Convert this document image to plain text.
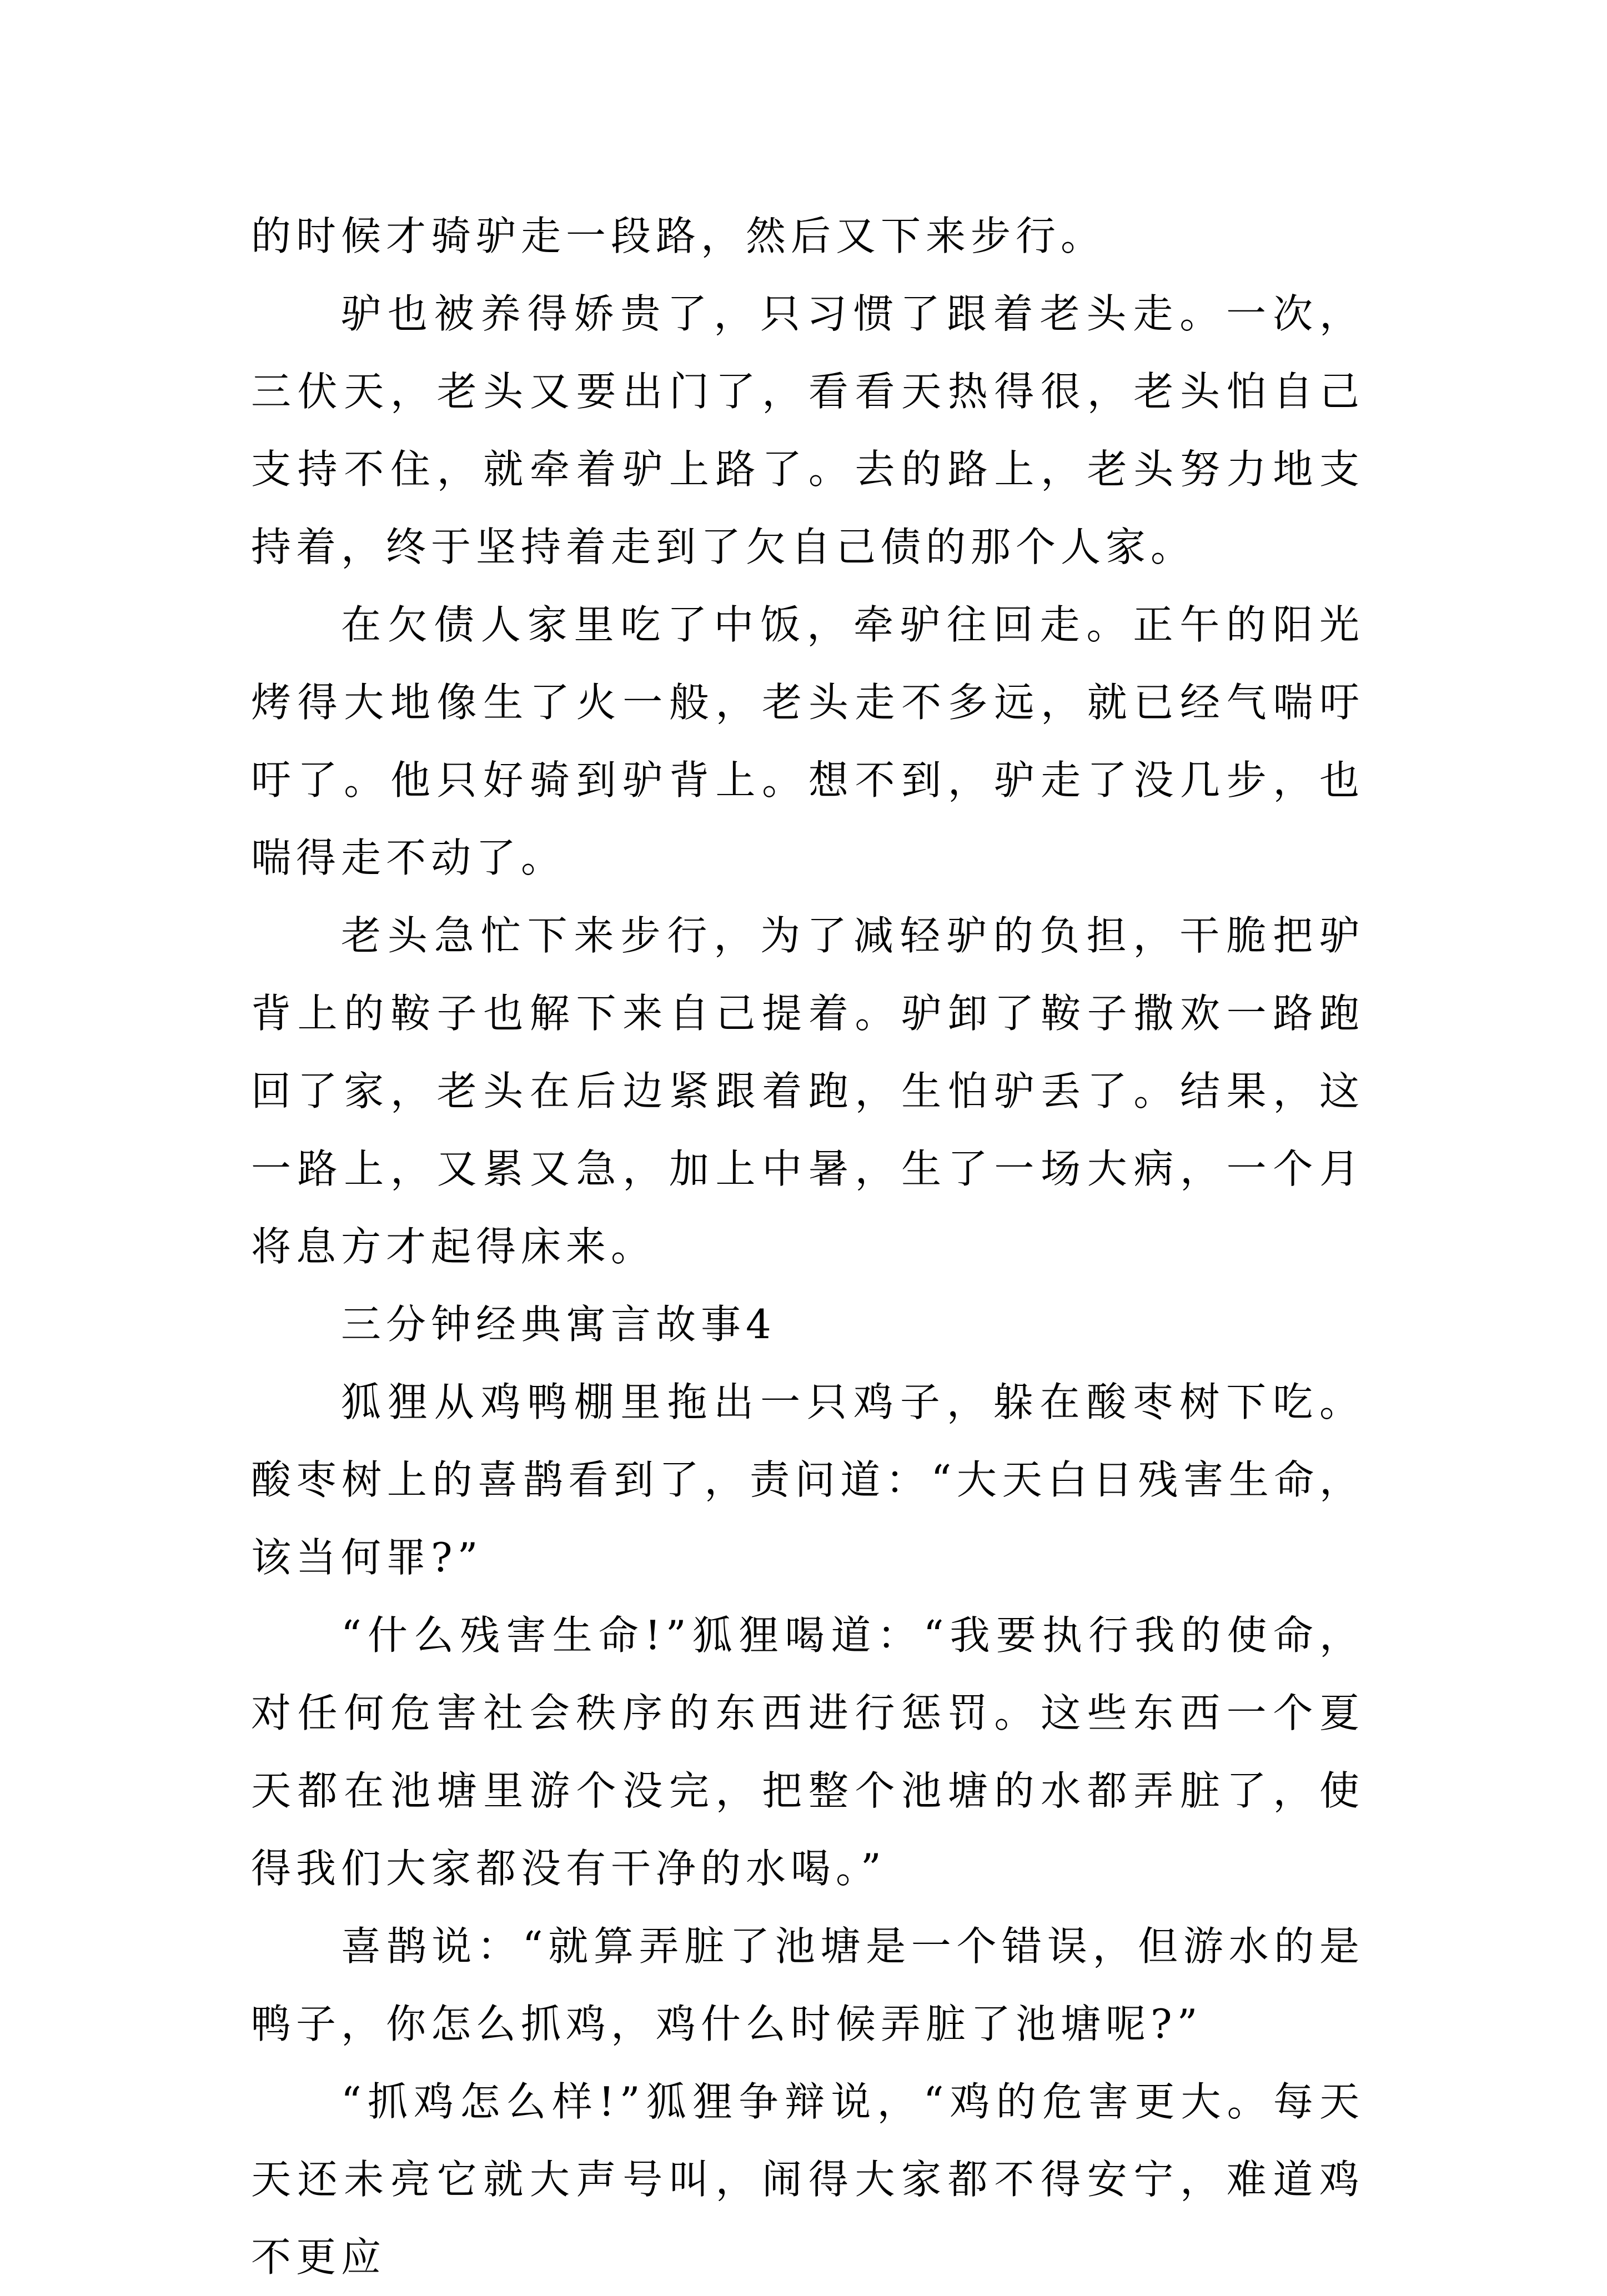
的时候才骑驴走一段路，然后又下来步行。

驴也被养得娇贵了，只习惯了跟着老头走。一次，三伏天，老头又要出门了，看看天热得很，老头怕自己支持不住，就牵着驴上路了。去的路上，老头努力地支持着，终于坚持着走到了欠自己债的那个人家。

在欠债人家里吃了中饭，牵驴往回走。正午的阳光烤得大地像生了火一般，老头走不多远，就已经气喘吁吁了。他只好骑到驴背上。想不到，驴走了没几步，也喘得走不动了。

老头急忙下来步行，为了减轻驴的负担，干脆把驴背上的鞍子也解下来自己提着。驴卸了鞍子撒欢一路跑回了家，老头在后边紧跟着跑，生怕驴丢了。结果，这一路上，又累又急，加上中暑，生了一场大病，一个月将息方才起得床来。

三分钟经典寓言故事4

狐狸从鸡鸭棚里拖出一只鸡子，躲在酸枣树下吃。酸枣树上的喜鹊看到了，责问道：“大天白日残害生命，该当何罪?”

“什么残害生命!”狐狸喝道：“我要执行我的使命，对任何危害社会秩序的东西进行惩罚。这些东西一个夏天都在池塘里游个没完，把整个池塘的水都弄脏了，使得我们大家都没有干净的水喝。”

喜鹊说：“就算弄脏了池塘是一个错误，但游水的是鸭子，你怎么抓鸡，鸡什么时候弄脏了池塘呢?”

“抓鸡怎么样!”狐狸争辩说，“鸡的危害更大。每天天还未亮它就大声号叫，闹得大家都不得安宁，难道鸡不更应
